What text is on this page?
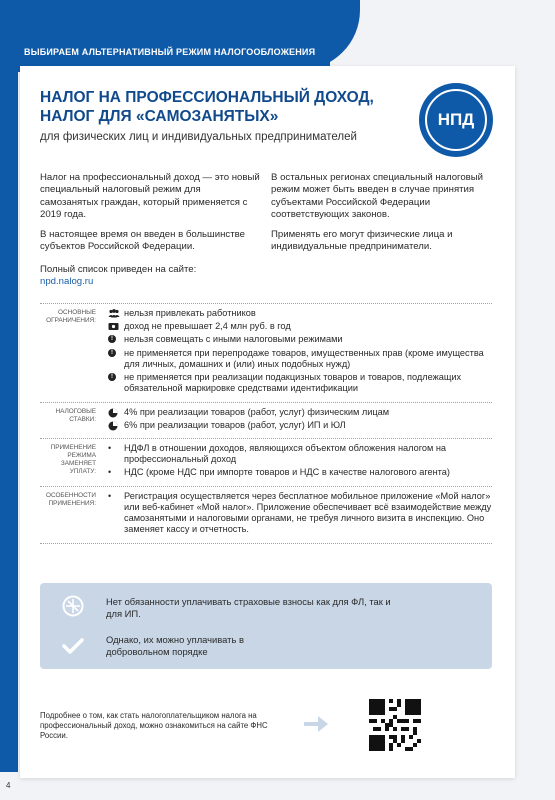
ВЫБИРАЕМ АЛЬТЕРНАТИВНЫЙ РЕЖИМ НАЛОГООБЛОЖЕНИЯ
НАЛОГ НА ПРОФЕССИОНАЛЬНЫЙ ДОХОД,
НАЛОГ ДЛЯ «САМОЗАНЯТЫХ»
для физических лиц и индивидуальных предпринимателей
НПД
Налог на профессиональный доход — это новый специальный налоговый режим для самозанятых граждан, который применяется с 2019 года.
В настоящее время он введен в большинстве субъектов Российской Федерации.
Полный список приведен на сайте:
npd.nalog.ru
В остальных регионах специальный налоговый режим может быть введен в случае принятия субъектами Российской Федерации соответствующих законов.
Применять его могут физические лица и индивидуальные предприниматели.
ОСНОВНЫЕ ОГРАНИЧЕНИЯ:
нельзя привлекать работников
доход не превышает 2,4 млн руб. в год
!	нельзя совмещать с иными налоговыми режимами
!	не применяется при перепродаже товаров, имущественных прав (кроме имущества для личных, домашних и (или) иных подобных нужд)
!	не применяется при реализации подакцизных товаров и товаров, подлежащих обязательной маркировке средствами идентификации
НАЛОГОВЫЕ СТАВКИ:
4% при реализации товаров (работ, услуг) физическим лицам
6% при реализации товаров (работ, услуг) ИП и ЮЛ
ПРИМЕНЕНИЕ РЕЖИМА ЗАМЕНЯЕТ УПЛАТУ:
•	НДФЛ в отношении доходов, являющихся объектом обложения налогом на профессиональный доход
•	НДС (кроме НДС при импорте товаров и НДС в качестве налогового агента)
ОСОБЕННОСТИ ПРИМЕНЕНИЯ:
•	Регистрация осуществляется через бесплатное мобильное приложение «Мой налог» или веб-кабинет «Мой налог». Приложение обеспечивает всё взаимодействие между самозанятыми и налоговыми органами, не требуя личного визита в инспекцию. Оно заменяет кассу и отчетность.
Нет обязанности уплачивать страховые взносы как для ФЛ, так и для ИП.
Однако, их можно уплачивать в добровольном порядке
Подробнее о том, как стать налогоплательщиком налога на профессиональный доход, можно ознакомиться на сайте ФНС России.
4
